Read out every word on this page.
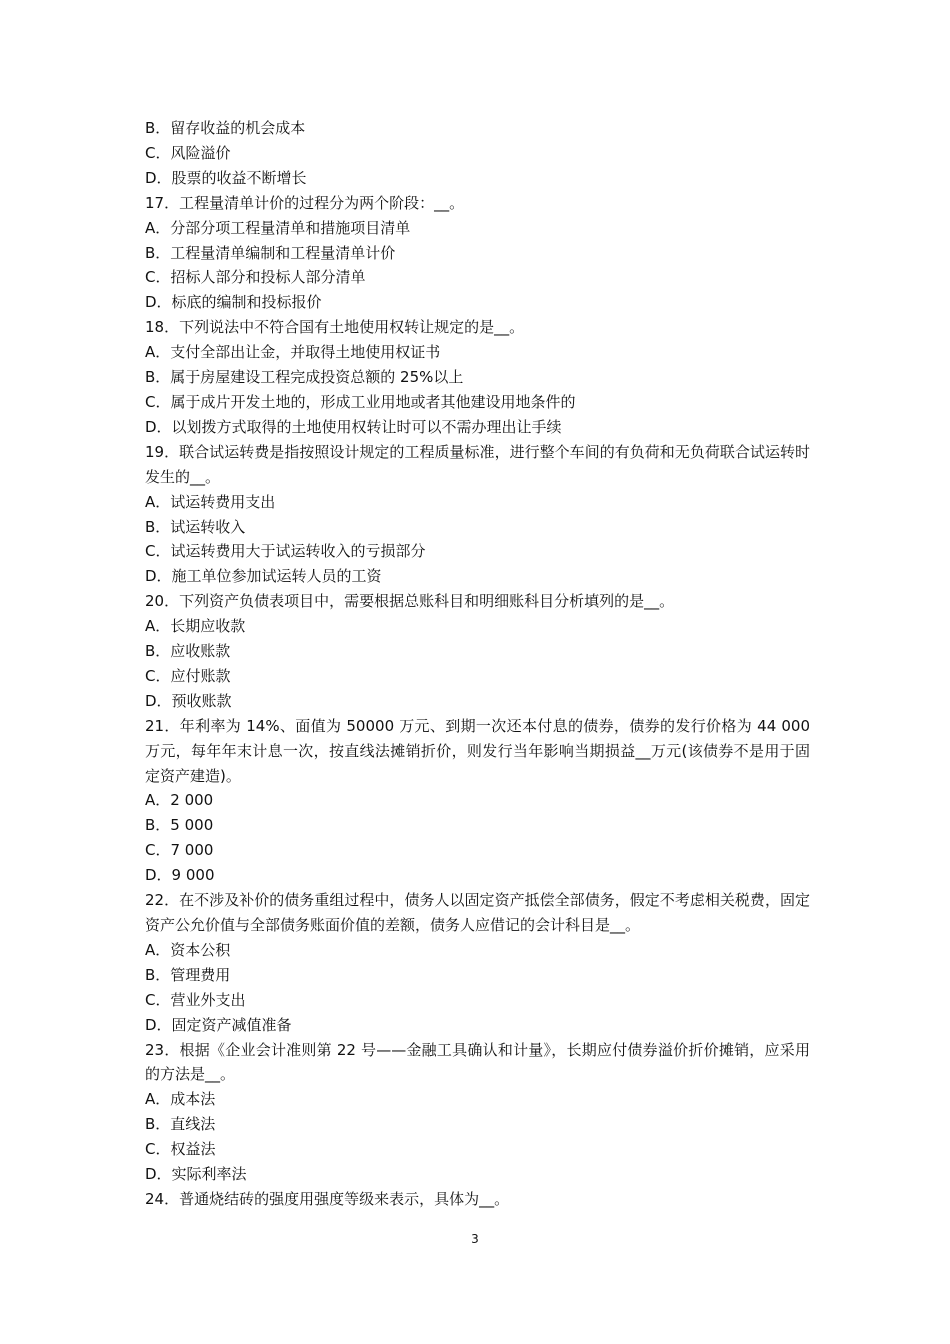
B．留存收益的机会成本

C．风险溢价

D．股票的收益不断增长

17．工程量清单计价的过程分为两个阶段：__。

A．分部分项工程量清单和措施项目清单

B．工程量清单编制和工程量清单计价

C．招标人部分和投标人部分清单

D．标底的编制和投标报价

18．下列说法中不符合国有土地使用权转让规定的是__。

A．支付全部出让金，并取得土地使用权证书

B．属于房屋建设工程完成投资总额的 25%以上

C．属于成片开发土地的，形成工业用地或者其他建设用地条件的

D．以划拨方式取得的土地使用权转让时可以不需办理出让手续

19．联合试运转费是指按照设计规定的工程质量标准，进行整个车间的有负荷和无负荷联合试运转时发生的__。

A．试运转费用支出

B．试运转收入

C．试运转费用大于试运转收入的亏损部分

D．施工单位参加试运转人员的工资

20．下列资产负债表项目中，需要根据总账科目和明细账科目分析填列的是__。

A．长期应收款

B．应收账款

C．应付账款

D．预收账款

21．年利率为 14%、面值为 50000 万元、到期一次还本付息的债券，债券的发行价格为 44 000 万元，每年年末计息一次，按直线法摊销折价，则发行当年影响当期损益__万元(该债券不是用于固定资产建造)。

A．2 000

B．5 000

C．7 000

D．9 000

22．在不涉及补价的债务重组过程中，债务人以固定资产抵偿全部债务，假定不考虑相关税费，固定资产公允价值与全部债务账面价值的差额，债务人应借记的会计科目是__。

A．资本公积

B．管理费用

C．营业外支出

D．固定资产减值准备

23．根据《企业会计准则第 22 号——金融工具确认和计量》，长期应付债券溢价折价摊销，应采用的方法是__。

A．成本法

B．直线法

C．权益法

D．实际利率法

24．普通烧结砖的强度用强度等级来表示，具体为__。

3
